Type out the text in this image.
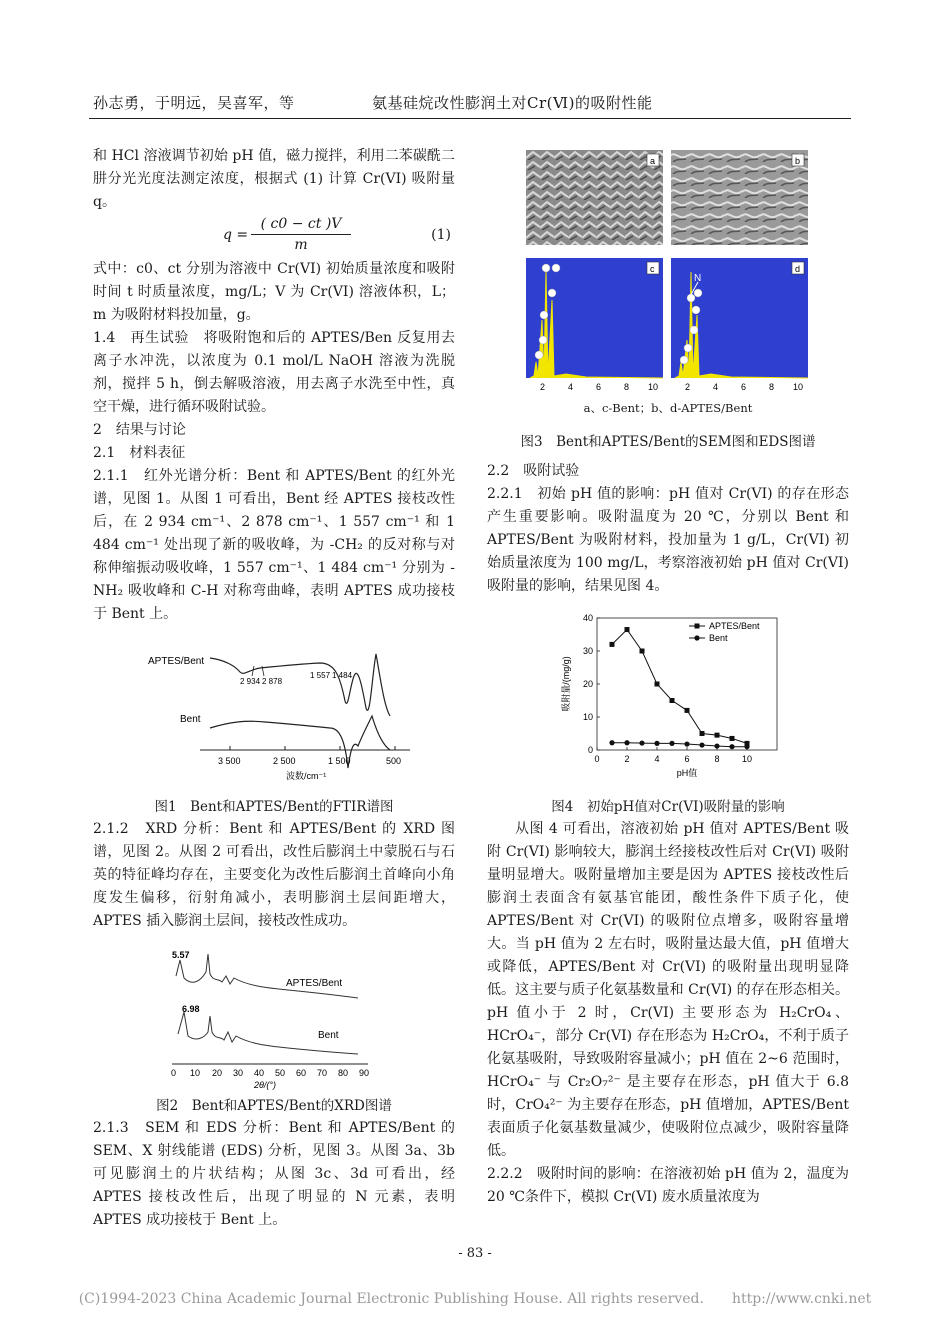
孙志勇，于明远，吴喜军，等	氨基硅烷改性膨润土对Cr(Ⅵ)的吸附性能

和 HCl 溶液调节初始 pH 值，磁力搅拌，利用二苯碳酰二肼分光光度法测定浓度，根据式 (1) 计算 Cr(VI) 吸附量 q。

$q = \frac{( c0 - ct )V}{m}$	(1)

式中：c0、ct 分别为溶液中 Cr(VI) 初始质量浓度和吸附时间 t 时质量浓度，mg/L；V 为 Cr(VI) 溶液体积，L；m 为吸附材料投加量，g。

1.4　再生试验　将吸附饱和后的 APTES/Ben 反复用去离子水冲洗，以浓度为 0.1 mol/L NaOH 溶液为洗脱剂，搅拌 5 h，倒去解吸溶液，用去离子水洗至中性，真空干燥，进行循环吸附试验。

2　结果与讨论

2.1　材料表征

2.1.1　红外光谱分析：Bent 和 APTES/Bent 的红外光谱，见图 1。从图 1 可看出，Bent 经 APTES 接枝改性后，在 2 934 cm⁻¹、2 878 cm⁻¹、1 557 cm⁻¹ 和 1 484 cm⁻¹ 处出现了新的吸收峰，为 -CH₂ 的反对称与对称伸缩振动吸收峰，1 557 cm⁻¹、1 484 cm⁻¹ 分别为 -NH₂ 吸收峰和 C-H 对称弯曲峰，表明 APTES 成功接枝于 Bent 上。

APTES/Bent
Bent
2 934 2 878
1 557 1 484
3 500	2 500	1 500	500
波数/cm⁻¹
图1　Bent和APTES/Bent的FTIR谱图

2.1.2　XRD 分析：Bent 和 APTES/Bent 的 XRD 图谱，见图 2。从图 2 可看出，改性后膨润土中蒙脱石与石英的特征峰均存在，主要变化为改性后膨润土首峰向小角度发生偏移，衍射角减小，表明膨润土层间距增大，APTES 插入膨润土层间，接枝改性成功。

5.57
6.98
APTES/Bent
Bent
0 10 20 30 40 50 60 70 80 90
2θ/(°)
图2　Bent和APTES/Bent的XRD图谱

2.1.3　SEM 和 EDS 分析：Bent 和 APTES/Bent 的 SEM、X 射线能谱 (EDS) 分析，见图 3。从图 3a、3b 可见膨润土的片状结构；从图 3c、3d 可看出，经 APTES 接枝改性后，出现了明显的 N 元素，表明 APTES 成功接枝于 Bent 上。

a	b
c	d
N
2	4	6	8 10	2	4	6	8 10
a、c-Bent；b、d-APTES/Bent
图3　Bent和APTES/Bent的SEM图和EDS图谱

2.2　吸附试验

2.2.1　初始 pH 值的影响：pH 值对 Cr(VI) 的存在形态产生重要影响。吸附温度为 20 ℃，分别以 Bent 和 APTES/Bent 为吸附材料，投加量为 1 g/L，Cr(VI) 初始质量浓度为 100 mg/L，考察溶液初始 pH 值对 Cr(VI) 吸附量的影响，结果见图 4。

0
10
20
30
40
0	2	4	6	8 10
pH值
吸附量/(mg/g)
APTES/Bent
Bent
图4　初始pH值对Cr(VI)吸附量的影响

从图 4 可看出，溶液初始 pH 值对 APTES/Bent 吸附 Cr(VI) 影响较大，膨润土经接枝改性后对 Cr(VI) 吸附量明显增大。吸附量增加主要是因为 APTES 接枝改性后膨润土表面含有氨基官能团，酸性条件下质子化，使 APTES/Bent 对 Cr(VI) 的吸附位点增多，吸附容量增大。当 pH 值为 2 左右时，吸附量达最大值，pH 值增大或降低，APTES/Bent 对 Cr(VI) 的吸附量出现明显降低。这主要与质子化氨基数量和 Cr(VI) 的存在形态相关。pH 值小于 2 时，Cr(VI) 主要形态为 H₂CrO₄、HCrO₄⁻，部分 Cr(VI) 存在形态为 H₂CrO₄，不利于质子化氨基吸附，导致吸附容量减小；pH 值在 2~6 范围时，HCrO₄⁻ 与 Cr₂O₇²⁻ 是主要存在形态，pH 值大于 6.8 时，CrO₄²⁻ 为主要存在形态，pH 值增加，APTES/Bent 表面质子化氨基数量减少，使吸附位点减少，吸附容量降低。

2.2.2　吸附时间的影响：在溶液初始 pH 值为 2，温度为 20 ℃条件下，模拟 Cr(VI) 废水质量浓度为

- 83 -
(C)1994-2023 China Academic Journal Electronic Publishing House. All rights reserved.　　http://www.cnki.net
